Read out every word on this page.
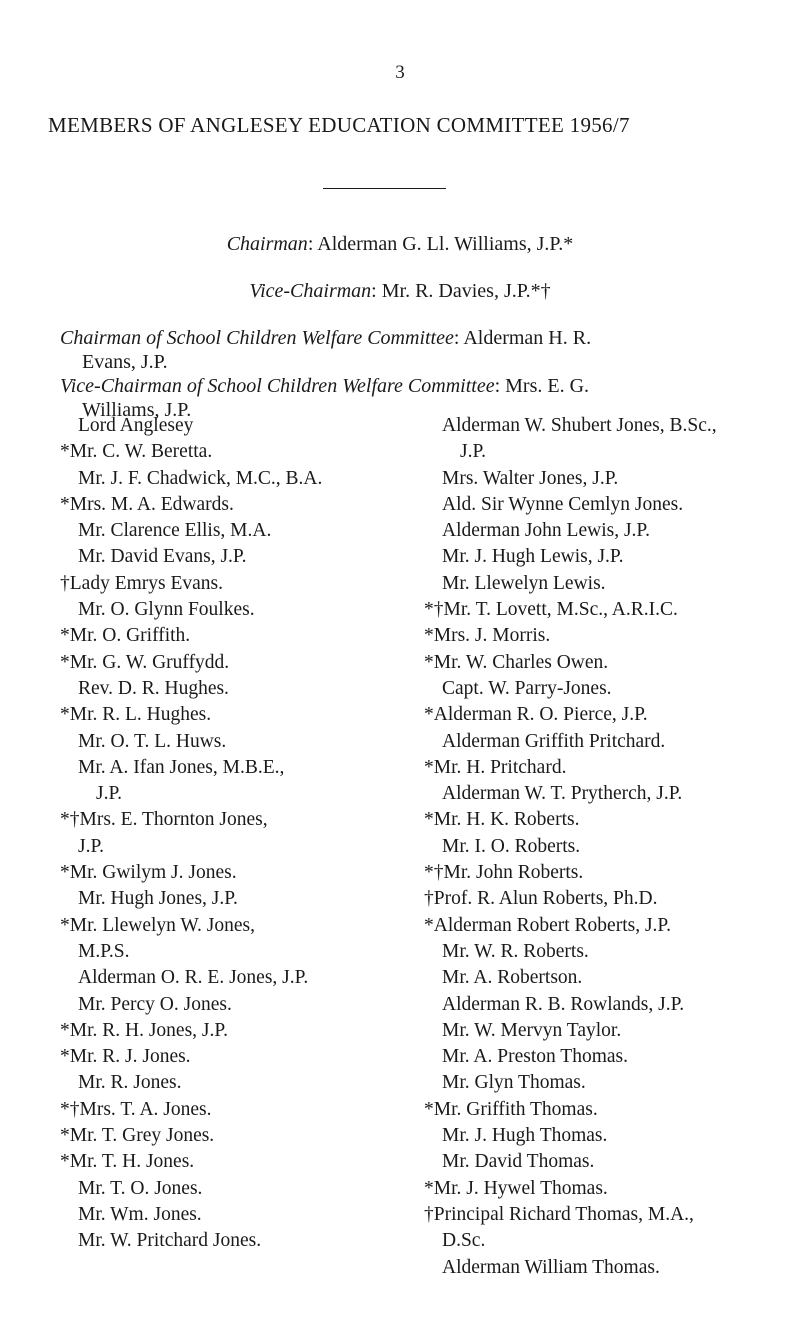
3
MEMBERS OF ANGLESEY EDUCATION COMMITTEE 1956/7
Chairman: Alderman G. Ll. Williams, J.P.*
Vice-Chairman: Mr. R. Davies, J.P.*†
Chairman of School Children Welfare Committee: Alderman H. R.
Evans, J.P.
Vice-Chairman of School Children Welfare Committee: Mrs. E. G.
Williams, J.P.
Lord Anglesey
*Mr. C. W. Beretta.
Mr. J. F. Chadwick, M.C., B.A.
*Mrs. M. A. Edwards.
Mr. Clarence Ellis, M.A.
Mr. David Evans, J.P.
†Lady Emrys Evans.
Mr. O. Glynn Foulkes.
*Mr. O. Griffith.
*Mr. G. W. Gruffydd.
Rev. D. R. Hughes.
*Mr. R. L. Hughes.
Mr. O. T. L. Huws.
Mr. A. Ifan Jones, M.B.E.,
J.P.
*†Mrs. E. Thornton Jones,
J.P.
*Mr. Gwilym J. Jones.
Mr. Hugh Jones, J.P.
*Mr. Llewelyn W. Jones,
M.P.S.
Alderman O. R. E. Jones, J.P.
Mr. Percy O. Jones.
*Mr. R. H. Jones, J.P.
*Mr. R. J. Jones.
Mr. R. Jones.
*†Mrs. T. A. Jones.
*Mr. T. Grey Jones.
*Mr. T. H. Jones.
Mr. T. O. Jones.
Mr. Wm. Jones.
Mr. W. Pritchard Jones.
Alderman W. Shubert Jones, B.Sc.,
J.P.
Mrs. Walter Jones, J.P.
Ald. Sir Wynne Cemlyn Jones.
Alderman John Lewis, J.P.
Mr. J. Hugh Lewis, J.P.
Mr. Llewelyn Lewis.
*†Mr. T. Lovett, M.Sc., A.R.I.C.
*Mrs. J. Morris.
*Mr. W. Charles Owen.
Capt. W. Parry-Jones.
*Alderman R. O. Pierce, J.P.
Alderman Griffith Pritchard.
*Mr. H. Pritchard.
Alderman W. T. Prytherch, J.P.
*Mr. H. K. Roberts.
Mr. I. O. Roberts.
*†Mr. John Roberts.
†Prof. R. Alun Roberts, Ph.D.
*Alderman Robert Roberts, J.P.
Mr. W. R. Roberts.
Mr. A. Robertson.
Alderman R. B. Rowlands, J.P.
Mr. W. Mervyn Taylor.
Mr. A. Preston Thomas.
Mr. Glyn Thomas.
*Mr. Griffith Thomas.
Mr. J. Hugh Thomas.
Mr. David Thomas.
*Mr. J. Hywel Thomas.
†Principal Richard Thomas, M.A.,
D.Sc.
Alderman William Thomas.
